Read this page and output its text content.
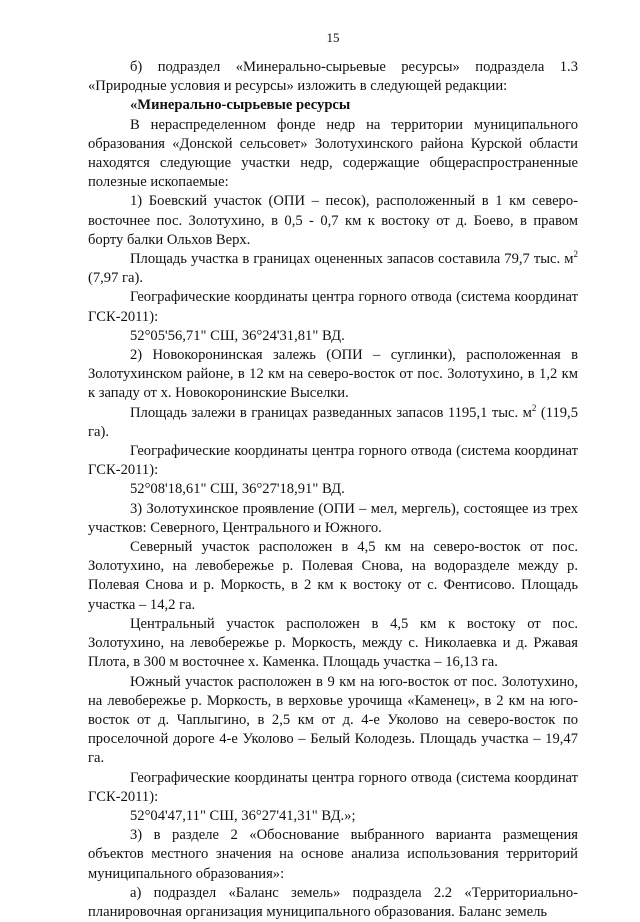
15

б) подраздел «Минерально-сырьевые ресурсы» подраздела 1.3 «Природные условия и ресурсы» изложить в следующей редакции:

«Минерально-сырьевые ресурсы

В нераспределенном фонде недр на территории муниципального образования «Донской сельсовет» Золотухинского района Курской области находятся следующие участки недр, содержащие общераспространенные полезные ископаемые:

1) Боевский участок (ОПИ – песок), расположенный в 1 км северо-восточнее пос. Золотухино, в 0,5 - 0,7 км к востоку от д. Боево, в правом борту балки Ольхов Верх.

Площадь участка в границах оцененных запасов составила 79,7 тыс. $м^2$ (7,97 га).

Географические координаты центра горного отвода (система координат ГСК-2011):

52°05'56,71" СШ, 36°24'31,81" ВД.

2) Новокоронинская залежь (ОПИ – суглинки), расположенная в Золотухинском районе, в 12 км на северо-восток от пос. Золотухино, в 1,2 км к западу от х. Новокоронинские Выселки.

Площадь залежи в границах разведанных запасов 1195,1 тыс. $м^2$ (119,5 га).

Географические координаты центра горного отвода (система координат ГСК-2011):

52°08'18,61" СШ, 36°27'18,91" ВД.

3) Золотухинское проявление (ОПИ – мел, мергель), состоящее из трех участков: Северного, Центрального и Южного.

Северный участок расположен в 4,5 км на северо-восток от пос. Золотухино, на левобережье р. Полевая Снова, на водоразделе между р. Полевая Снова и р. Моркость, в 2 км к востоку от с. Фентисово. Площадь участка – 14,2 га.

Центральный участок расположен в 4,5 км к востоку от пос. Золотухино, на левобережье р. Моркость, между с. Николаевка и д. Ржавая Плота, в 300 м восточнее х. Каменка. Площадь участка – 16,13 га.

Южный участок расположен в 9 км на юго-восток от пос. Золотухино, на левобережье р. Моркость, в верховье урочища «Каменец», в 2 км на юго-восток от д. Чаплыгино, в 2,5 км от д. 4-е Уколово на северо-восток по проселочной дороге 4-е Уколово – Белый Колодезь. Площадь участка – 19,47 га.

Географические координаты центра горного отвода (система координат ГСК-2011):

52°04'47,11" СШ, 36°27'41,31" ВД.»;

3) в разделе 2 «Обоснование выбранного варианта размещения объектов местного значения на основе анализа использования территорий муниципального образования»:

а) подраздел «Баланс земель» подраздела 2.2 «Территориально-планировочная организация муниципального образования. Баланс земель
